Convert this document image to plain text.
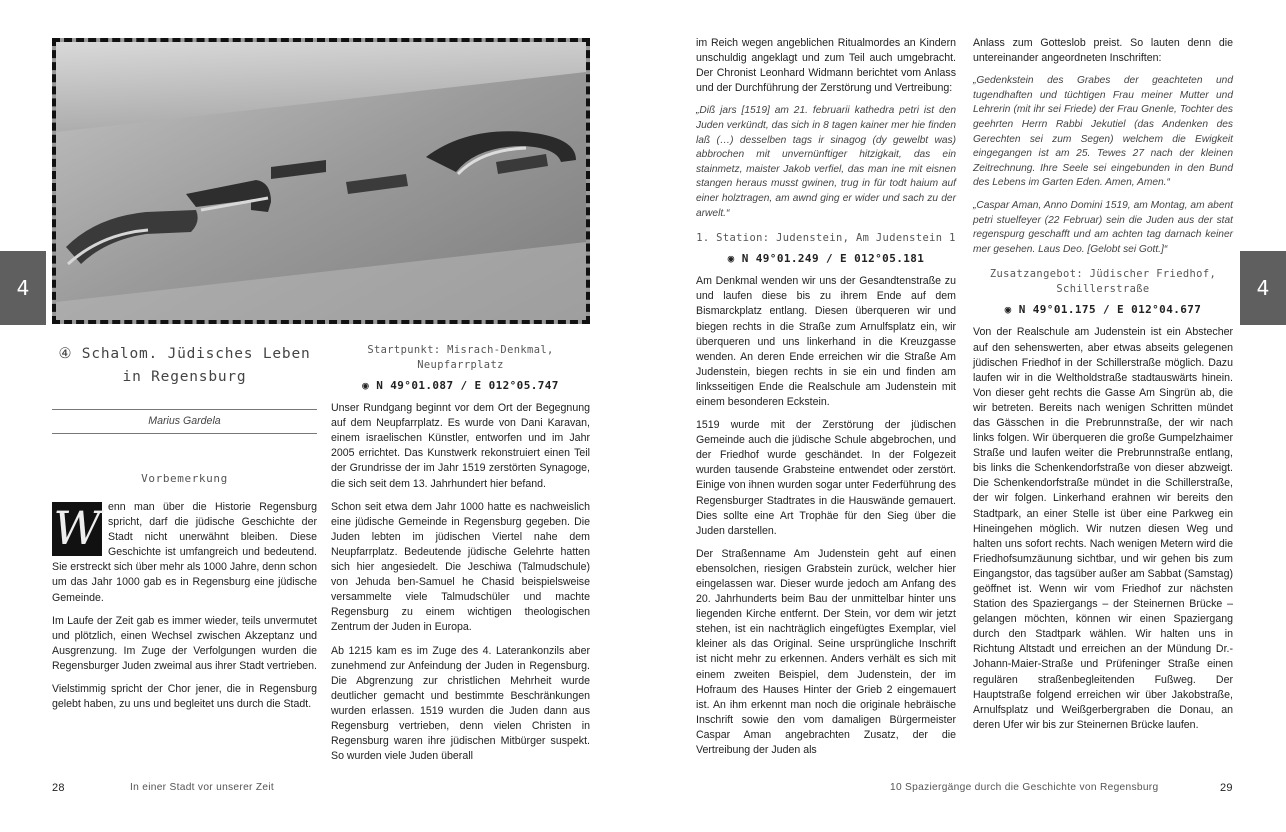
4	4
④ Schalom. Jüdisches Leben in Regensburg
Marius Gardela
Vorbemerkung

W enn man über die Historie Regensburg spricht, darf die jüdische Geschichte der Stadt nicht unerwähnt bleiben. Diese Geschichte ist umfangreich und bedeutend. Sie erstreckt sich über mehr als 1000 Jahre, denn schon um das Jahr 1000 gab es in Regensburg eine jüdische Gemeinde.

Im Laufe der Zeit gab es immer wieder, teils unvermutet und plötzlich, einen Wechsel zwischen Akzeptanz und Ausgrenzung. Im Zuge der Verfolgungen wurden die Regensburger Juden zweimal aus ihrer Stadt vertrieben.

Vielstimmig spricht der Chor jener, die in Regensburg gelebt haben, zu uns und begleitet uns durch die Stadt.

Startpunkt: Misrach-Denkmal, Neupfarrplatz
◉ N 49°01.087 / E 012°05.747

Unser Rundgang beginnt vor dem Ort der Begegnung auf dem Neupfarrplatz. Es wurde von Dani Karavan, einem israelischen Künstler, entworfen und im Jahr 2005 errichtet. Das Kunstwerk rekonstruiert einen Teil der Grundrisse der im Jahr 1519 zerstörten Synagoge, die sich seit dem 13. Jahrhundert hier befand.

Schon seit etwa dem Jahr 1000 hatte es nachweislich eine jüdische Gemeinde in Regensburg gegeben. Die Juden lebten im jüdischen Viertel nahe dem Neupfarrplatz. Bedeutende jüdische Gelehrte hatten sich hier angesiedelt. Die Jeschiwa (Talmudschule) von Jehuda ben-Samuel he Chasid beispielsweise versammelte viele Talmudschüler und machte Regensburg zu einem wichtigen theologischen Zentrum der Juden in Europa.

Ab 1215 kam es im Zuge des 4. Laterankonzils aber zunehmend zur Anfeindung der Juden in Regensburg. Die Abgrenzung zur christlichen Mehrheit wurde deutlicher gemacht und bestimmte Beschränkungen wurden erlassen. 1519 wurden die Juden dann aus Regensburg vertrieben, denn vielen Christen in Regensburg waren ihre jüdischen Mitbürger suspekt. So wurden viele Juden überall

im Reich wegen angeblichen Ritualmordes an Kindern unschuldig angeklagt und zum Teil auch umgebracht. Der Chronist Leonhard Widmann berichtet vom Anlass und der Durchführung der Zerstörung und Vertreibung:

„Diß jars [1519] am 21. februarii kathedra petri ist den Juden verkündt, das sich in 8 tagen kainer mer hie finden laß (…) desselben tags ir sinagog (dy gewelbt was) abbrochen mit unvernünftiger hitzigkait, das ein stainmetz, maister Jakob verfiel, das man ine mit eisnen stangen heraus musst gwinen, trug in für todt haium auf einer holztragen, am awnd ging er wider und sach zu der arwelt.“

1. Station: Judenstein, Am Judenstein 1
◉ N 49°01.249 / E 012°05.181

Am Denkmal wenden wir uns der Gesandtenstraße zu und laufen diese bis zu ihrem Ende auf dem Bismarckplatz entlang. Diesen überqueren wir und biegen rechts in die Straße zum Arnulfsplatz ein, wir überqueren und uns linkerhand in die Kreuzgasse wenden. An deren Ende erreichen wir die Straße Am Judenstein, biegen rechts in sie ein und finden am linksseitigen Ende die Realschule am Judenstein mit einem besonderen Eckstein.

1519 wurde mit der Zerstörung der jüdischen Gemeinde auch die jüdische Schule abgebrochen, und der Friedhof wurde geschändet. In der Folgezeit wurden tausende Grabsteine entwendet oder zerstört. Einige von ihnen wurden sogar unter Federführung des Regensburger Stadtrates in die Hauswände gemauert. Dies sollte eine Art Trophäe für den Sieg über die Juden darstellen.

Der Straßenname Am Judenstein geht auf einen ebensolchen, riesigen Grabstein zurück, welcher hier eingelassen war. Dieser wurde jedoch am Anfang des 20. Jahrhunderts beim Bau der unmittelbar hinter uns liegenden Kirche entfernt. Der Stein, vor dem wir jetzt stehen, ist ein nachträglich eingefügtes Exemplar, viel kleiner als das Original. Seine ursprüngliche Inschrift ist nicht mehr zu erkennen. Anders verhält es sich mit einem zweiten Beispiel, dem Judenstein, der im Hofraum des Hauses Hinter der Grieb 2 eingemauert ist. An ihm erkennt man noch die originale hebräische Inschrift sowie den vom damaligen Bürgermeister Caspar Aman angebrachten Zusatz, der die Vertreibung der Juden als

Anlass zum Gotteslob preist. So lauten denn die untereinander angeordneten Inschriften:

„Gedenkstein des Grabes der geachteten und tugendhaften und tüchtigen Frau meiner Mutter und Lehrerin (mit ihr sei Friede) der Frau Gnenle, Tochter des geehrten Herrn Rabbi Jekutiel (das Andenken des Gerechten sei zum Segen) welchem die Ewigkeit eingegangen ist am 25. Tewes 27 nach der kleinen Zeitrechnung. Ihre Seele sei eingebunden in den Bund des Lebens im Garten Eden. Amen, Amen.“

„Caspar Aman, Anno Domini 1519, am Montag, am abent petri stuelfeyer (22 Februar) sein die Juden aus der stat regenspurg geschafft und am achten tag darnach keiner mer gesehen. Laus Deo. [Gelobt sei Gott.]“

Zusatzangebot: Jüdischer Friedhof, Schillerstraße
◉ N 49°01.175 / E 012°04.677

Von der Realschule am Judenstein ist ein Abstecher auf den sehenswerten, aber etwas abseits gelegenen jüdischen Friedhof in der Schillerstraße möglich. Dazu laufen wir in die Weltholdstraße stadtauswärts hinein. Von dieser geht rechts die Gasse Am Singrün ab, die wir betreten. Bereits nach wenigen Schritten mündet das Gässchen in die Prebrunnstraße, der wir nach links folgen. Wir überqueren die große Gumpelzhaimer Straße und laufen weiter die Prebrunnstraße entlang, bis links die Schenkendorfstraße von dieser abzweigt. Die Schenkendorfstraße mündet in die Schillerstraße, der wir folgen. Linkerhand erahnen wir bereits den Stadtpark, an einer Stelle ist über eine Parkweg ein Hineingehen möglich. Wir nutzen diesen Weg und halten uns sofort rechts. Nach wenigen Metern wird die Friedhofsumzäunung sichtbar, und wir gehen bis zum Eingangstor, das tagsüber außer am Sabbat (Samstag) geöffnet ist. Wenn wir vom Friedhof zur nächsten Station des Spaziergangs – der Steinernen Brücke – gelangen möchten, können wir einen Spaziergang durch den Stadtpark wählen. Wir halten uns in Richtung Altstadt und erreichen an der Mündung Dr.-Johann-Maier-Straße und Prüfeninger Straße einen regulären straßenbegleitenden Fußweg. Der Hauptstraße folgend erreichen wir über Jakobstraße, Arnulfsplatz und Weißgerbergraben die Donau, an deren Ufer wir bis zur Steinernen Brücke laufen.

28	In einer Stadt vor unserer Zeit	10 Spaziergänge durch die Geschichte von Regensburg	29
